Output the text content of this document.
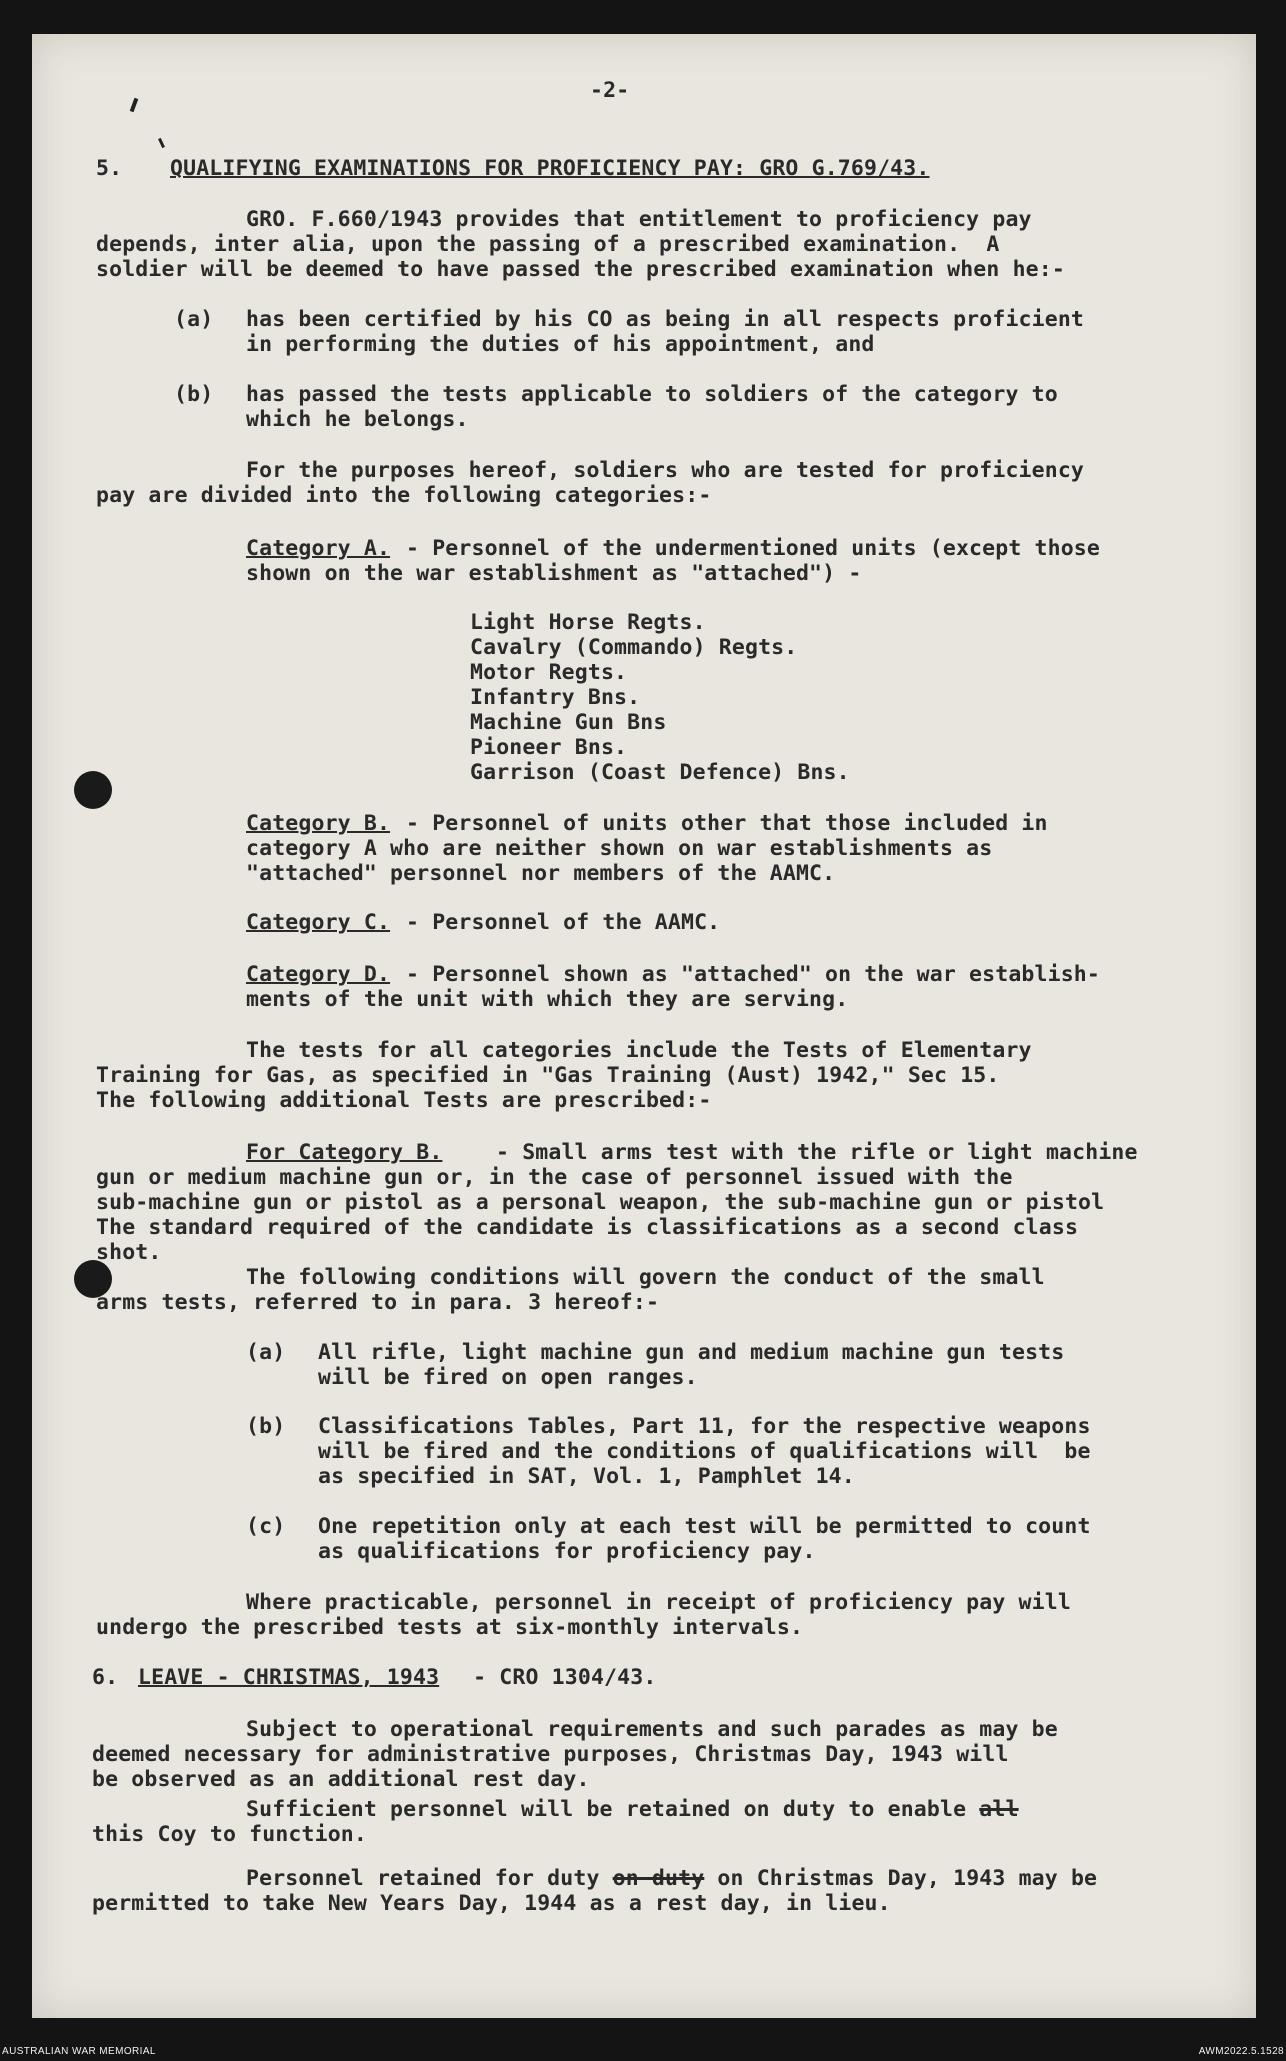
-2-
5. QUALIFYING EXAMINATIONS FOR PROFICIENCY PAY: GRO G.769/43.
GRO. F.660/1943 provides that entitlement to proficiency pay
depends, inter alia, upon the passing of a prescribed examination.  A
soldier will be deemed to have passed the prescribed examination when he:-
(a) has been certified by his CO as being in all respects proficient
in performing the duties of his appointment, and
(b) has passed the tests applicable to soldiers of the category to
which he belongs.
For the purposes hereof, soldiers who are tested for proficiency
pay are divided into the following categories:-
Category A. - Personnel of the undermentioned units (except those
shown on the war establishment as "attached") -
Light Horse Regts.
Cavalry (Commando) Regts.
Motor Regts.
Infantry Bns.
Machine Gun Bns
Pioneer Bns.
Garrison (Coast Defence) Bns.
Category B. - Personnel of units other that those included in
category A who are neither shown on war establishments as
"attached" personnel nor members of the AAMC.
Category C. - Personnel of the AAMC.
Category D. - Personnel shown as "attached" on the war establish-
ments of the unit with which they are serving.
The tests for all categories include the Tests of Elementary
Training for Gas, as specified in "Gas Training (Aust) 1942," Sec 15.
The following additional Tests are prescribed:-
For Category B. - Small arms test with the rifle or light machine
gun or medium machine gun or, in the case of personnel issued with the
sub-machine gun or pistol as a personal weapon, the sub-machine gun or pistol
The standard required of the candidate is classifications as a second class
shot.
The following conditions will govern the conduct of the small
arms tests, referred to in para. 3 hereof:-
(a) All rifle, light machine gun and medium machine gun tests
will be fired on open ranges.
(b) Classifications Tables, Part 11, for the respective weapons
will be fired and the conditions of qualifications will  be
as specified in SAT, Vol. 1, Pamphlet 14.
(c) One repetition only at each test will be permitted to count
as qualifications for proficiency pay.
Where practicable, personnel in receipt of proficiency pay will
undergo the prescribed tests at six-monthly intervals.
6. LEAVE - CHRISTMAS, 1943 - CRO 1304/43.
Subject to operational requirements and such parades as may be
deemed necessary for administrative purposes, Christmas Day, 1943 will
be observed as an additional rest day.
Sufficient personnel will be retained on duty to enable all
this Coy to function.
Personnel retained for duty on duty on Christmas Day, 1943 may be
permitted to take New Years Day, 1944 as a rest day, in lieu.
AUSTRALIAN WAR MEMORIAL	AWM2022.5.1528
